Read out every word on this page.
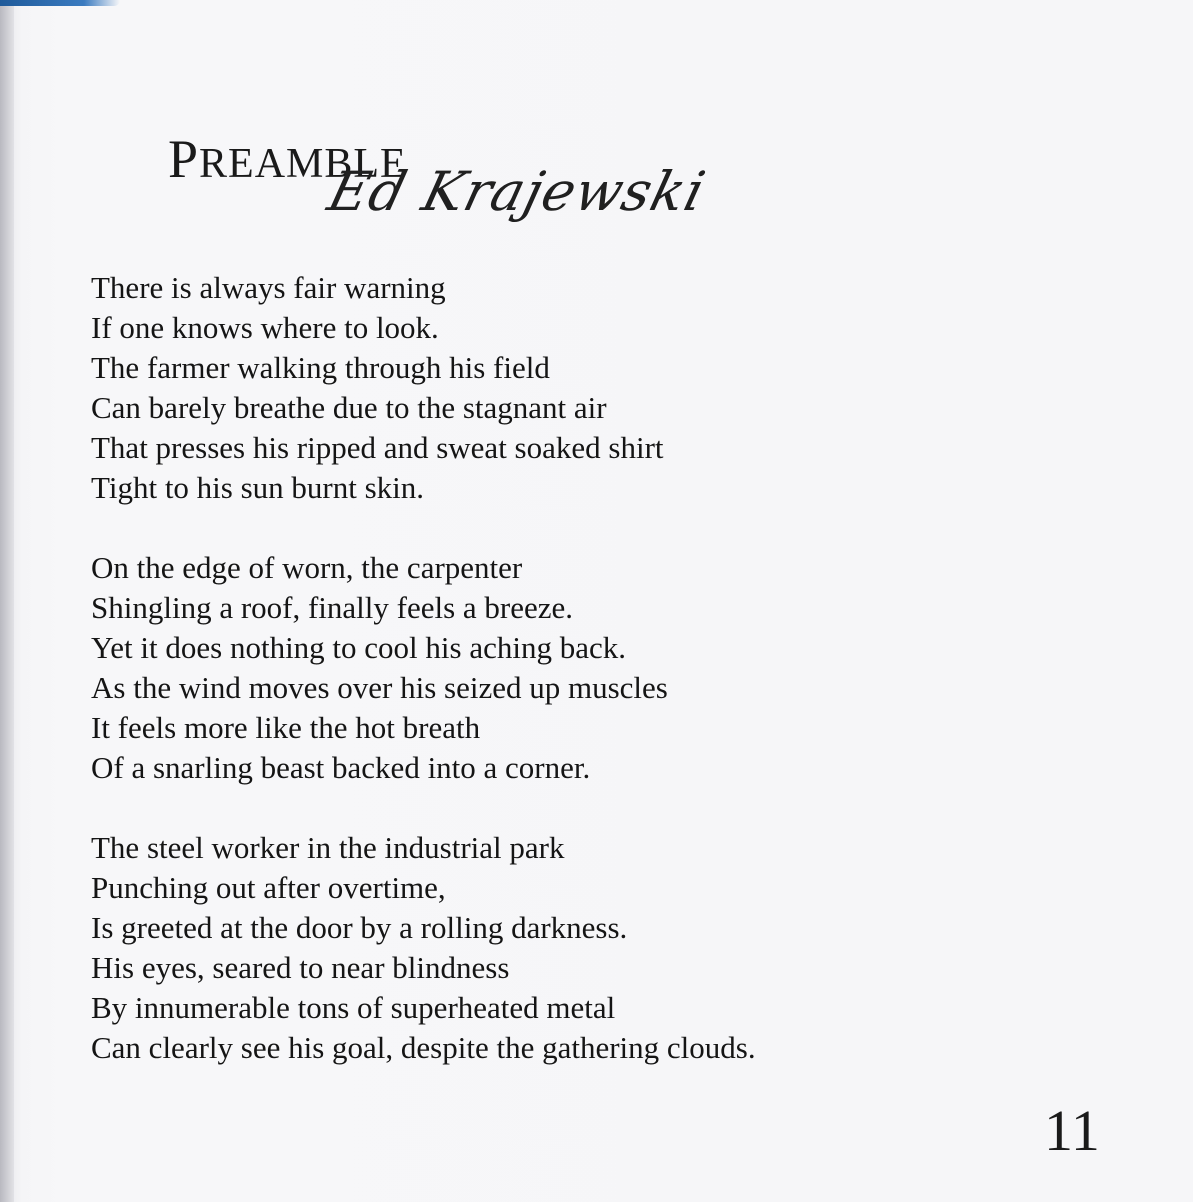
PREAMBLE
Ed Krajewski
There is always fair warning
If one knows where to look.
The farmer walking through his field
Can barely breathe due to the stagnant air
That presses his ripped and sweat soaked shirt
Tight to his sun burnt skin.
On the edge of worn, the carpenter
Shingling a roof, finally feels a breeze.
Yet it does nothing to cool his aching back.
As the wind moves over his seized up muscles
It feels more like the hot breath
Of a snarling beast backed into a corner.
The steel worker in the industrial park
Punching out after overtime,
Is greeted at the door by a rolling darkness.
His eyes, seared to near blindness
By innumerable tons of superheated metal
Can clearly see his goal, despite the gathering clouds.
11
